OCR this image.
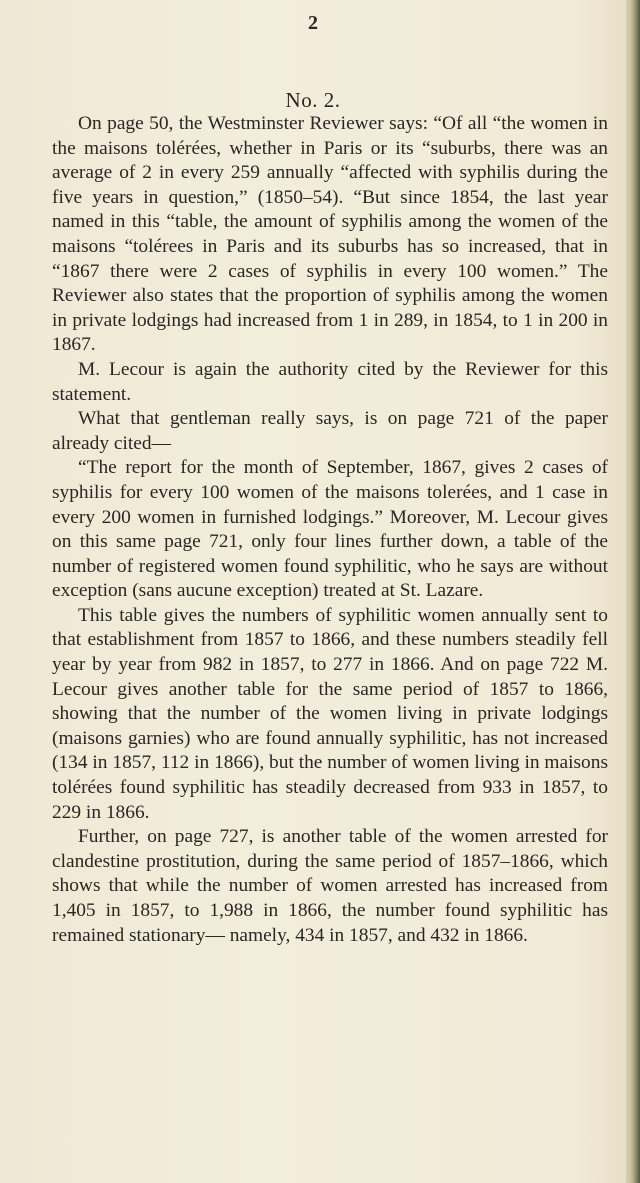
2
No. 2.

On page 50, the Westminster Reviewer says: “Of all “the women in the maisons tolérées, whether in Paris or its “suburbs, there was an average of 2 in every 259 annually “affected with syphilis during the five years in question,” (1850–54). “But since 1854, the last year named in this “table, the amount of syphilis among the women of the maisons “tolérees in Paris and its suburbs has so increased, that in “1867 there were 2 cases of syphilis in every 100 women.” The Reviewer also states that the proportion of syphilis among the women in private lodgings had increased from 1 in 289, in 1854, to 1 in 200 in 1867.

M. Lecour is again the authority cited by the Reviewer for this statement.

What that gentleman really says, is on page 721 of the paper already cited—

“The report for the month of September, 1867, gives 2 cases of syphilis for every 100 women of the maisons tolerées, and 1 case in every 200 women in furnished lodgings.” Moreover, M. Lecour gives on this same page 721, only four lines further down, a table of the number of registered women found syphilitic, who he says are without exception (sans aucune exception) treated at St. Lazare.

This table gives the numbers of syphilitic women annually sent to that establishment from 1857 to 1866, and these numbers steadily fell year by year from 982 in 1857, to 277 in 1866. And on page 722 M. Lecour gives another table for the same period of 1857 to 1866, showing that the number of the women living in private lodgings (maisons garnies) who are found annually syphilitic, has not increased (134 in 1857, 112 in 1866), but the number of women living in maisons tolérées found syphilitic has steadily decreased from 933 in 1857, to 229 in 1866.

Further, on page 727, is another table of the women arrested for clandestine prostitution, during the same period of 1857–1866, which shows that while the number of women arrested has increased from 1,405 in 1857, to 1,988 in 1866, the number found syphilitic has remained stationary— namely, 434 in 1857, and 432 in 1866.
